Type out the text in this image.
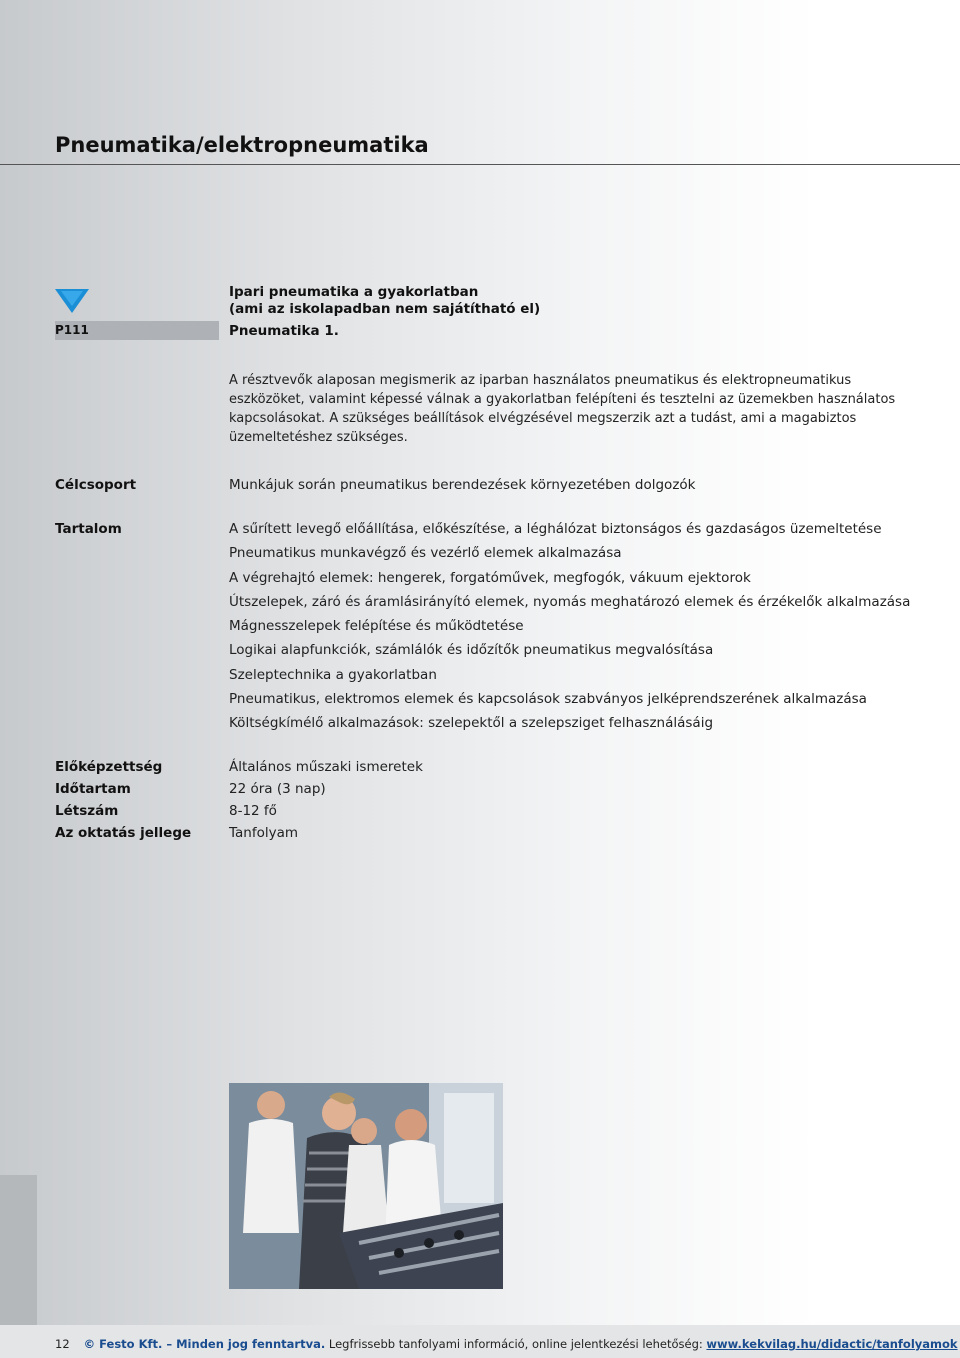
Pneumatika/elektropneumatika
P111
Ipari pneumatika a gyakorlatban
(ami az iskolapadban nem sajátítható el)
Pneumatika 1.

A résztvevők alaposan megismerik az iparban használatos pneumatikus és elektropneumatikus eszközöket, valamint képessé válnak a gyakorlatban felépíteni és tesztelni az üzemekben használatos kapcsolásokat. A szükséges beállítások elvégzésével megszerzik azt a tudást, ami a magabiztos üzemeltetéshez szükséges.

Célcsoport	Munkájuk során pneumatikus berendezések környezetében dolgozók
Tartalom	A sűrített levegő előállítása, előkészítése, a léghálózat biztonságos és gazdaságos üzemeltetése
Pneumatikus munkavégző és vezérlő elemek alkalmazása
A végrehajtó elemek: hengerek, forgatóművek, megfogók, vákuum ejektorok
Útszelepek, záró és áramlásirányító elemek, nyomás meghatározó elemek és érzékelők alkalmazása
Mágnesszelepek felépítése és működtetése
Logikai alapfunkciók, számlálók és időzítők pneumatikus megvalósítása
Szeleptechnika a gyakorlatban
Pneumatikus, elektromos elemek és kapcsolások szabványos jelképrendszerének alkalmazása
Költségkímélő alkalmazások: szelepektől a szelepsziget felhasználásáig
Előképzettség	Általános műszaki ismeretek
Időtartam	22 óra (3 nap)
Létszám	8-12 fő
Az oktatás jellege	Tanfolyam
12 © Festo Kft. – Minden jog fenntartva. Legfrissebb tanfolyami információ, online jelentkezési lehetőség: www.kekvilag.hu/didactic/tanfolyamok
